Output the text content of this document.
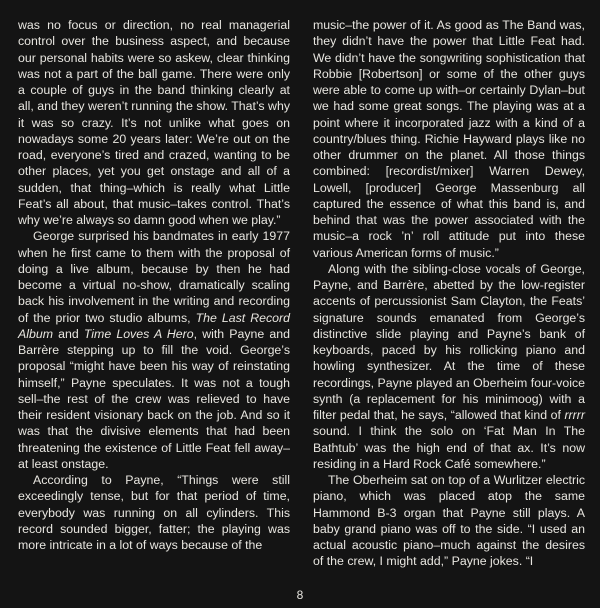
was no focus or direction, no real managerial control over the business aspect, and because our personal habits were so askew, clear thinking was not a part of the ball game. There were only a couple of guys in the band thinking clearly at all, and they weren’t running the show. That’s why it was so crazy. It’s not unlike what goes on nowadays some 20 years later: We’re out on the road, everyone’s tired and crazed, wanting to be other places, yet you get onstage and all of a sudden, that thing–which is really what Little Feat’s all about, that music–takes control. That’s why we’re always so damn good when we play.”

George surprised his bandmates in early 1977 when he first came to them with the proposal of doing a live album, because by then he had become a virtual no-show, dramatically scaling back his involvement in the writing and recording of the prior two studio albums, The Last Record Album and Time Loves A Hero, with Payne and Barrère stepping up to fill the void. George’s proposal “might have been his way of reinstating himself,” Payne speculates. It was not a tough sell–the rest of the crew was relieved to have their resident visionary back on the job. And so it was that the divisive elements that had been threatening the existence of Little Feat fell away–at least onstage.

According to Payne, “Things were still exceedingly tense, but for that period of time, everybody was running on all cylinders. This record sounded bigger, fatter; the playing was more intricate in a lot of ways because of the

music–the power of it. As good as The Band was, they didn’t have the power that Little Feat had. We didn’t have the songwriting sophistication that Robbie [Robertson] or some of the other guys were able to come up with–or certainly Dylan–but we had some great songs. The playing was at a point where it incorporated jazz with a kind of a country/blues thing. Richie Hayward plays like no other drummer on the planet. All those things combined: [recordist/mixer] Warren Dewey, Lowell, [producer] George Massenburg all captured the essence of what this band is, and behind that was the power associated with the music–a rock ’n’ roll attitude put into these various American forms of music.”

Along with the sibling-close vocals of George, Payne, and Barrère, abetted by the low-register accents of percussionist Sam Clayton, the Feats’ signature sounds emanated from George’s distinctive slide playing and Payne’s bank of keyboards, paced by his rollicking piano and howling synthesizer. At the time of these recordings, Payne played an Oberheim four-voice synth (a replacement for his minimoog) with a filter pedal that, he says, “allowed that kind of rrrrr sound. I think the solo on ‘Fat Man In The Bathtub’ was the high end of that ax. It’s now residing in a Hard Rock Café somewhere.”

The Oberheim sat on top of a Wurlitzer electric piano, which was placed atop the same Hammond B-3 organ that Payne still plays. A baby grand piano was off to the side. “I used an actual acoustic piano–much against the desires of the crew, I might add,” Payne jokes. “I

8
